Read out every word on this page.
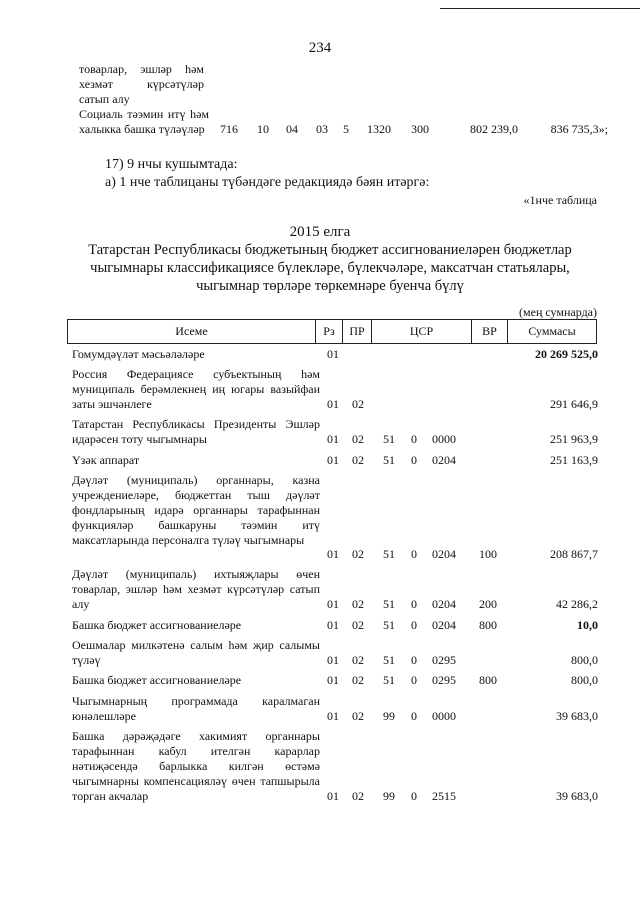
234
товарлар, эшләр һәм хезмәт күрсәтүләр сатып алу
Социаль тәэмин итү һәм халыкка башка түләүләр	716 10 04 03 5 1320 300	802 239,0	836 735,3»;
17) 9 нчы кушымтада:
а) 1 нче таблицаны түбәндәге редакциядә бәян итәргә:
«1нче таблица
2015 елга
Татарстан Республикасы бюджетының бюджет ассигнованиеләрен бюджетлар чыгымнары классификациясе бүлекләре, бүлекчәләре, максатчан статьялары, чыгымнар төрләре төркемнәре буенча бүлү
(мең сумнарда)
Исеме	Рз	ПР	ЦСР	ВР	Суммасы
Гомумдәүләт мәсьәләләре	01	20 269 525,0
Россия Федерациясе субъектының һәм муниципаль берәмлекнең иң югары вазыйфаи заты эшчәнлеге	01 02	291 646,9
Татарстан Республикасы Президенты Эшләр идарәсен тоту чыгымнары	01 02 51 0 0000	251 963,9
Үзәк аппарат	01 02 51 0 0204	251 163,9
Дәүләт (муниципаль) органнары, казна учреждениеләре, бюджеттан тыш дәүләт фондларының идарә органнары тарафыннан функцияләр башкаруны тәэмин итү максатларында персоналга түләү чыгымнары
01 02 51 0 0204 100	208 867,7
Дәүләт (муниципаль) ихтыяҗлары өчен товарлар, эшләр һәм хезмәт күрсәтүләр сатып алу	01 02 51 0 0204 200	42 286,2
Башка бюджет ассигнованиеләре	01 02 51 0 0204 800	10,0
Оешмалар милкәтенә салым һәм җир салымы түләү	01 02 51 0 0295	800,0
Башка бюджет ассигнованиеләре	01 02 51 0 0295 800	800,0
Чыгымнарның программада каралмаган юнәлешләре	01 02 99 0 0000	39 683,0
Башка дәрәҗәдәге хакимият органнары тарафыннан кабул ителгән карарлар нәтиҗәсендә барлыкка килгән өстәмә чыгымнарны компенсацияләү өчен тапшырыла торган акчалар	01 02 99 0 2515	39 683,0
